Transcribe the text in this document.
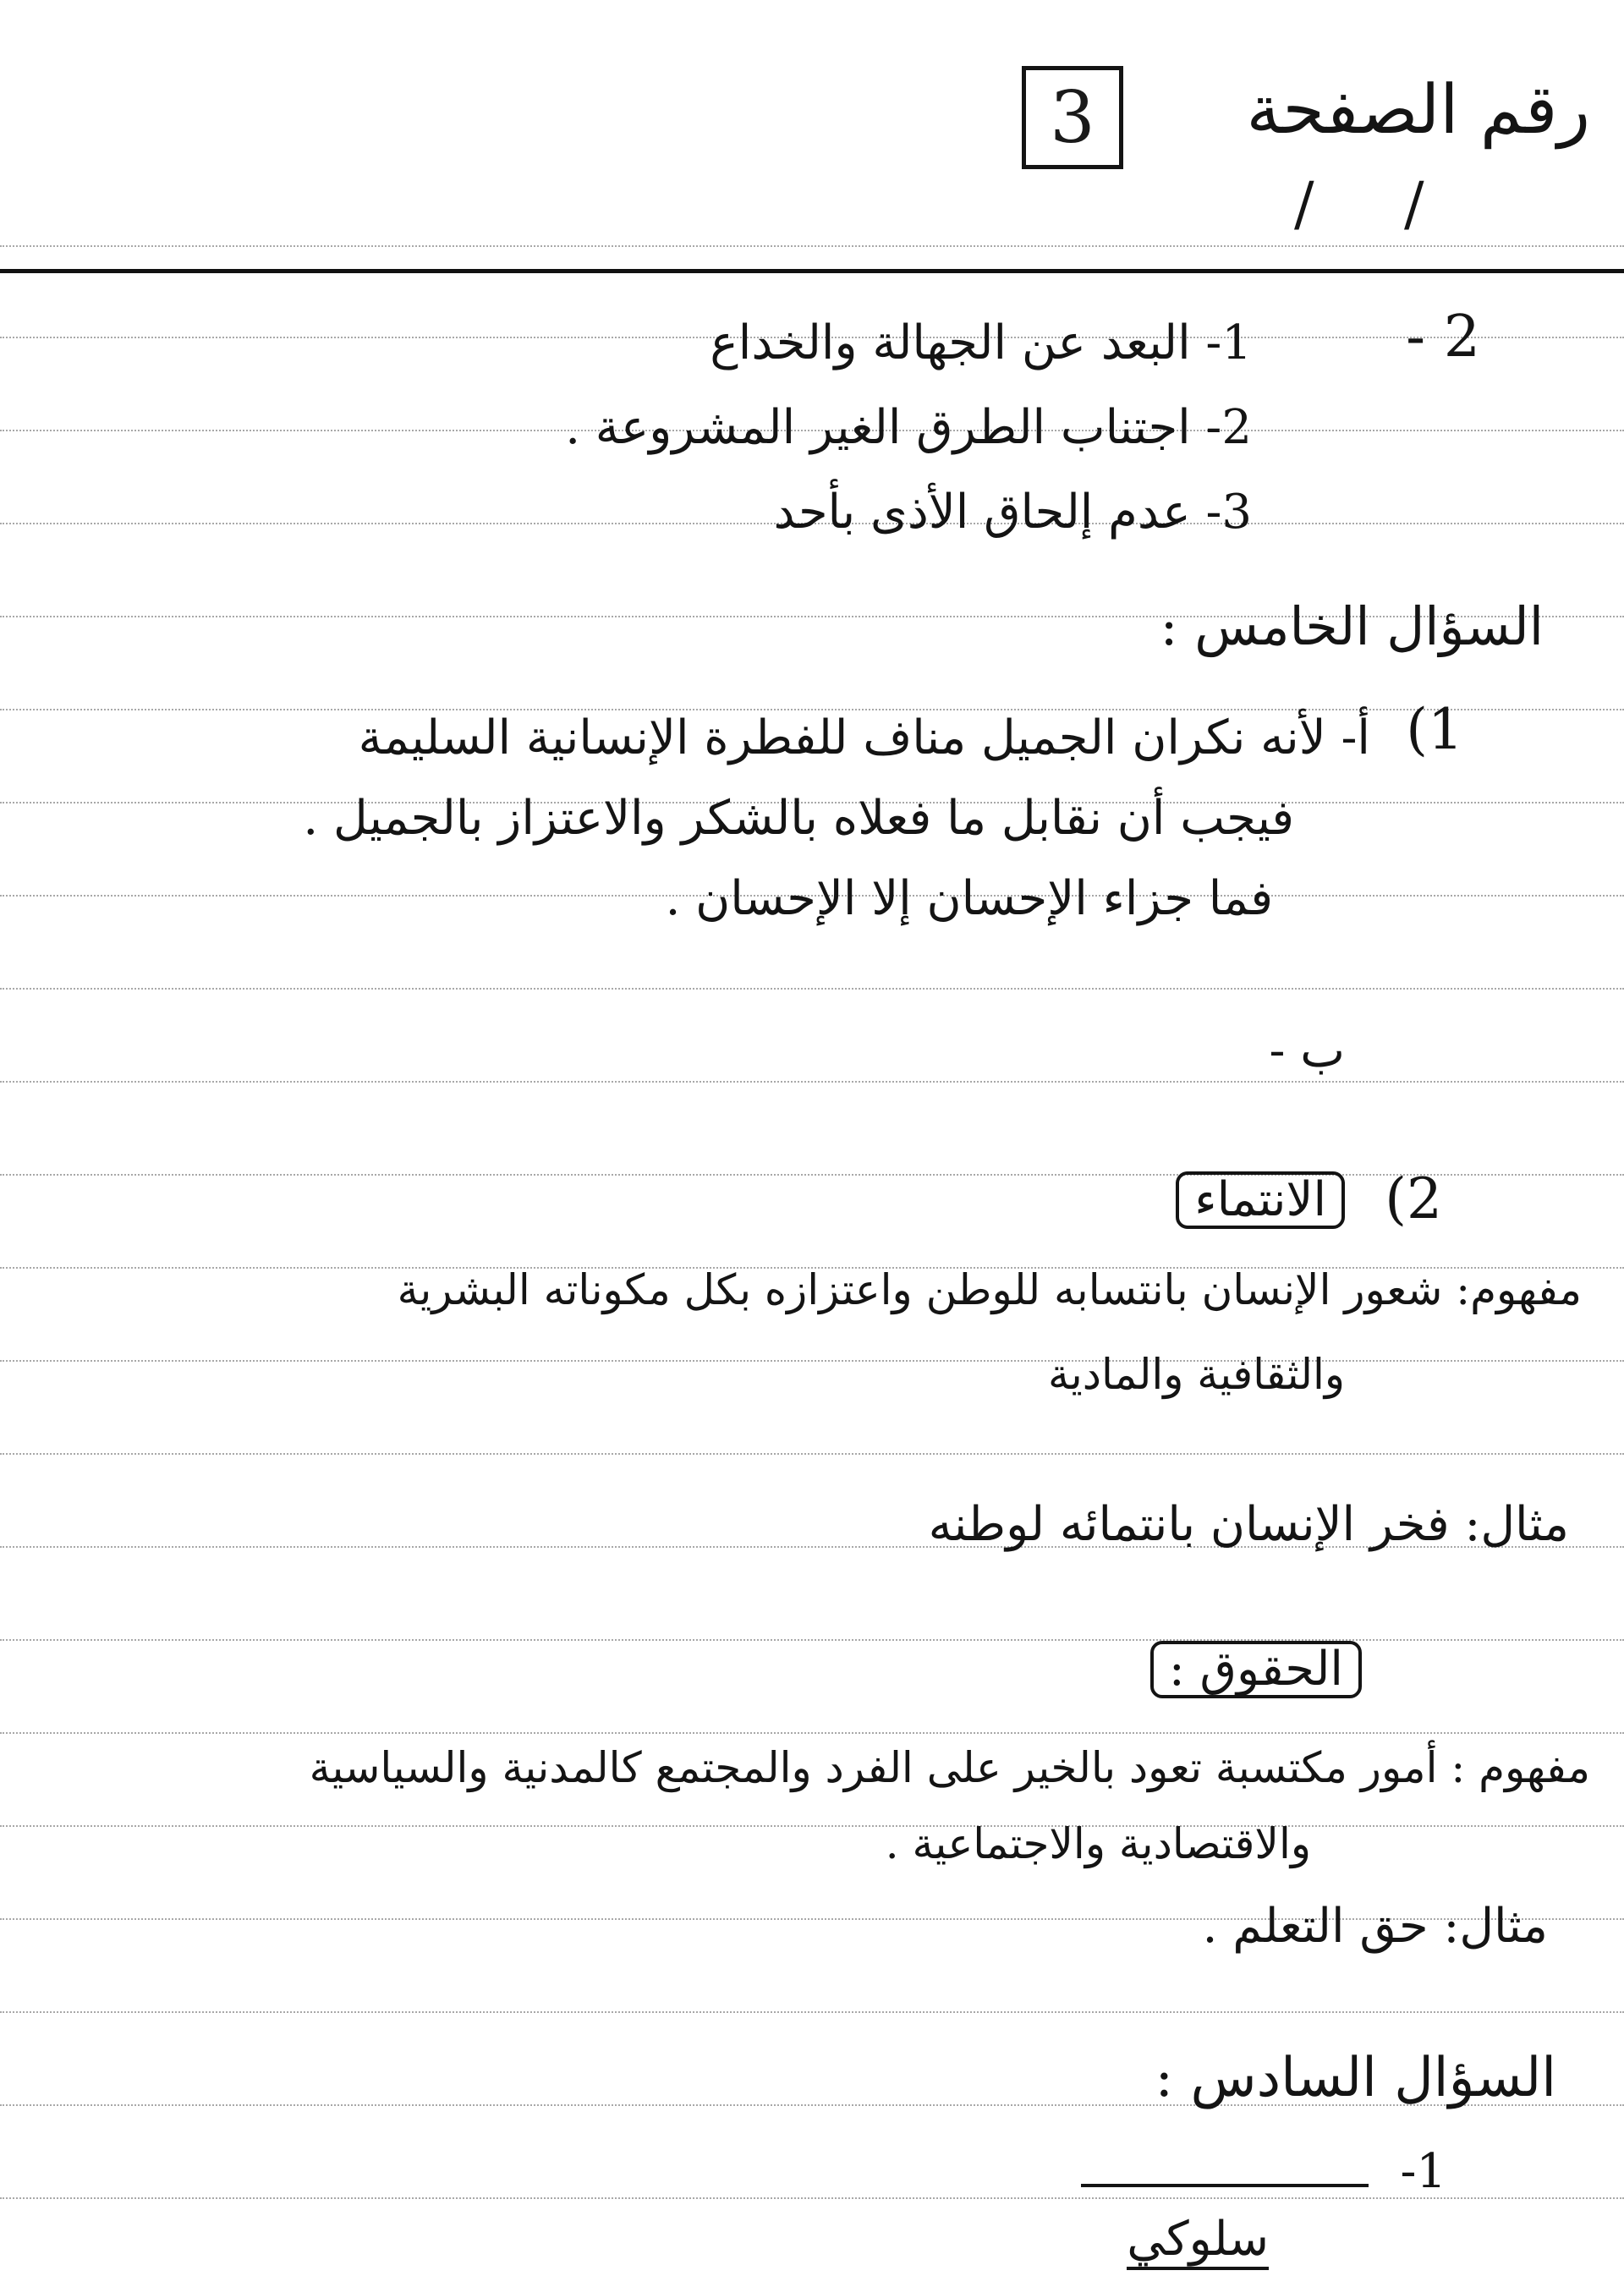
رقم الصفحة
3
/ /
2 -
1- البعد عن الجهالة والخداع
2- اجتناب الطرق الغير المشروعة .
3- عدم إلحاق الأذى بأحد
السؤال الخامس :
1)
أ- لأنه نكران الجميل مناف للفطرة الإنسانية السليمة
فيجب أن نقابل ما فعلاه بالشكر والاعتزاز بالجميل .
فما جزاء الإحسان إلا الإحسان .
ب -
2)
الانتماء
مفهوم: شعور الإنسان بانتسابه للوطن واعتزازه بكل مكوناته البشرية
والثقافية والمادية
مثال: فخر الإنسان بانتمائه لوطنه
الحقوق :
مفهوم : أمور مكتسبة تعود بالخير على الفرد والمجتمع كالمدنية والسياسية
والاقتصادية والاجتماعية .
مثال: حق التعلم .
السؤال السادس :
1-
سلوكي
